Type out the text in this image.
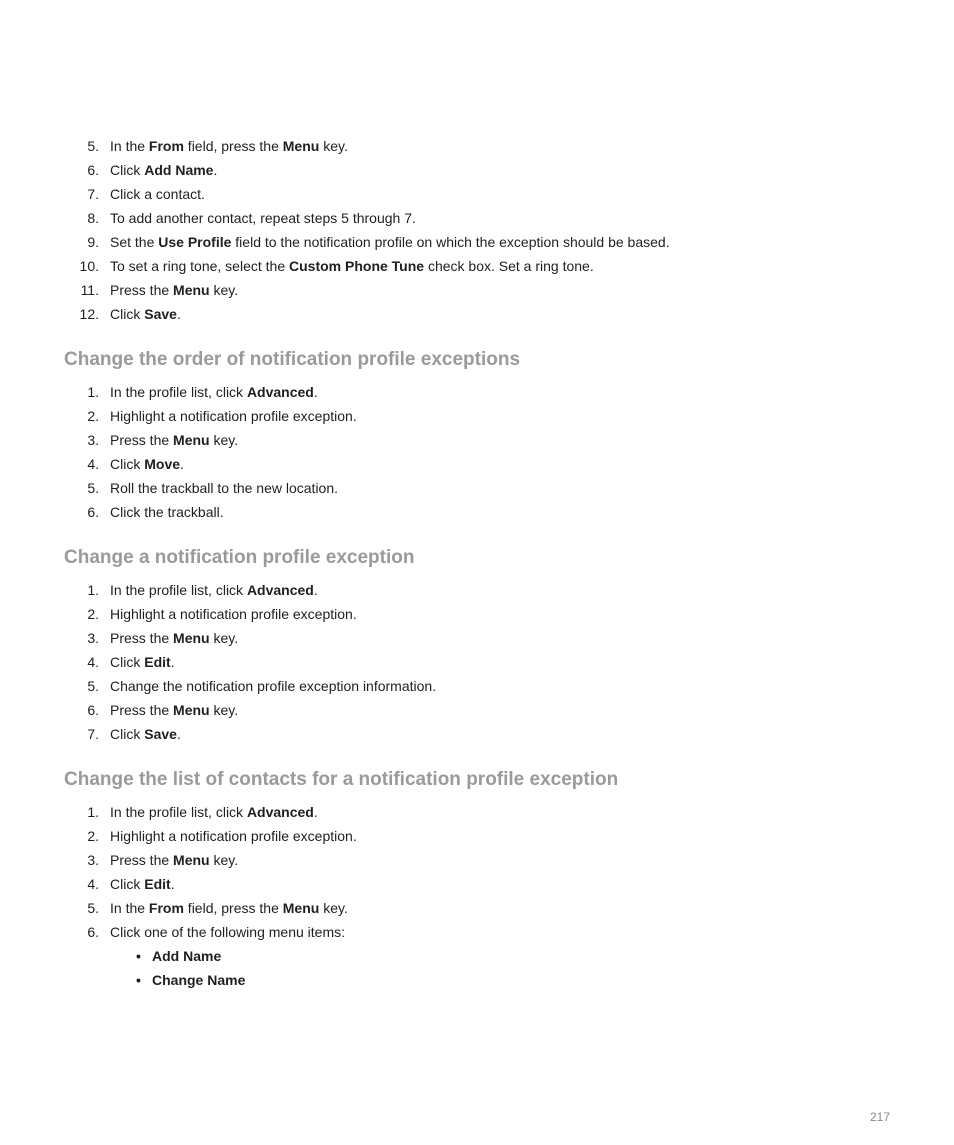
5. In the From field, press the Menu key.
6. Click Add Name.
7. Click a contact.
8. To add another contact, repeat steps 5 through 7.
9. Set the Use Profile field to the notification profile on which the exception should be based.
10. To set a ring tone, select the Custom Phone Tune check box. Set a ring tone.
11. Press the Menu key.
12. Click Save.
Change the order of notification profile exceptions
1. In the profile list, click Advanced.
2. Highlight a notification profile exception.
3. Press the Menu key.
4. Click Move.
5. Roll the trackball to the new location.
6. Click the trackball.
Change a notification profile exception
1. In the profile list, click Advanced.
2. Highlight a notification profile exception.
3. Press the Menu key.
4. Click Edit.
5. Change the notification profile exception information.
6. Press the Menu key.
7. Click Save.
Change the list of contacts for a notification profile exception
1. In the profile list, click Advanced.
2. Highlight a notification profile exception.
3. Press the Menu key.
4. Click Edit.
5. In the From field, press the Menu key.
6. Click one of the following menu items:
• Add Name
• Change Name
217
